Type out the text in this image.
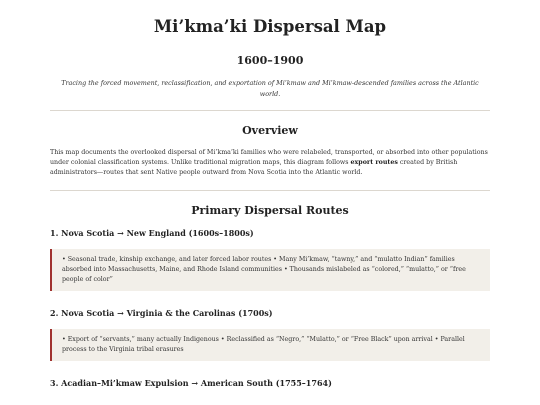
Mi’kma’ki Dispersal Map
1600–1900
Tracing the forced movement, reclassification, and exportation of Mi’kmaw and Mi’kmaw-descended families across the Atlantic world.
Overview

This map documents the overlooked dispersal of Mi’kma’ki families who were relabeled, transported, or absorbed into other populations under colonial classification systems. Unlike traditional migration maps, this diagram follows export routes created by British administrators—routes that sent Native people outward from Nova Scotia into the Atlantic world.

Primary Dispersal Routes
1. Nova Scotia → New England (1600s–1800s)
• Seasonal trade, kinship exchange, and later forced labor routes • Many Mi’kmaw, “tawny,” and “mulatto Indian” families absorbed into Massachusetts, Maine, and Rhode Island communities • Thousands mislabeled as “colored,” “mulatto,” or “free people of color”
2. Nova Scotia → Virginia & the Carolinas (1700s)
• Export of “servants,” many actually Indigenous • Reclassified as “Negro,” “Mulatto,” or “Free Black” upon arrival • Parallel process to the Virginia tribal erasures
3. Acadian–Mi’kmaw Expulsion → American South (1755–1764)
